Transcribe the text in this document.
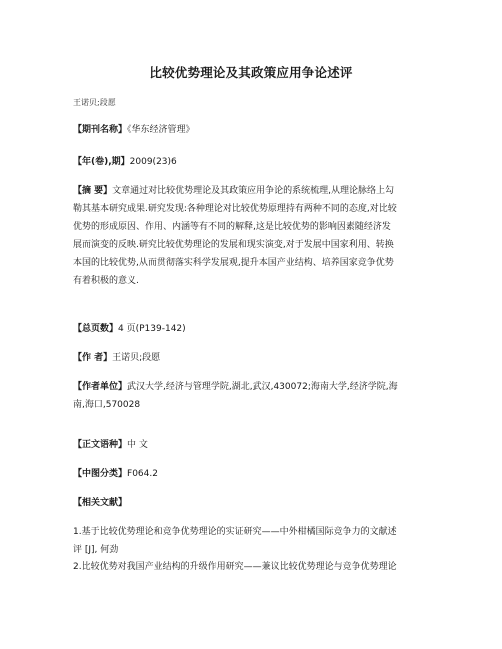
比较优势理论及其政策应用争论述评
王诺贝;段愿
【期刊名称】《华东经济管理》
【年(卷),期】2009(23)6
【摘 要】文章通过对比较优势理论及其政策应用争论的系统梳理,从理论脉络上勾
勒其基本研究成果.研究发现:各种理论对比较优势原理持有两种不同的态度,对比较
优势的形成原因、作用、内涵等有不同的解释,这是比较优势的影响因素随经济发
展而演变的反映.研究比较优势理论的发展和现实演变,对于发展中国家利用、转换
本国的比较优势,从而贯彻落实科学发展观,提升本国产业结构、培养国家竞争优势
有着积极的意义.
【总页数】4 页(P139-142)
【作 者】王诺贝;段愿
【作者单位】武汉大学,经济与管理学院,湖北,武汉,430072;海南大学,经济学院,海
南,海口,570028
【正文语种】中 文
【中图分类】F064.2
【相关文献】

1.基于比较优势理论和竞争优势理论的实证研究——中外柑橘国际竞争力的文献述
评 [J], 何劲

2.比较优势对我国产业结构的升级作用研究——兼议比较优势理论与竞争优势理论
